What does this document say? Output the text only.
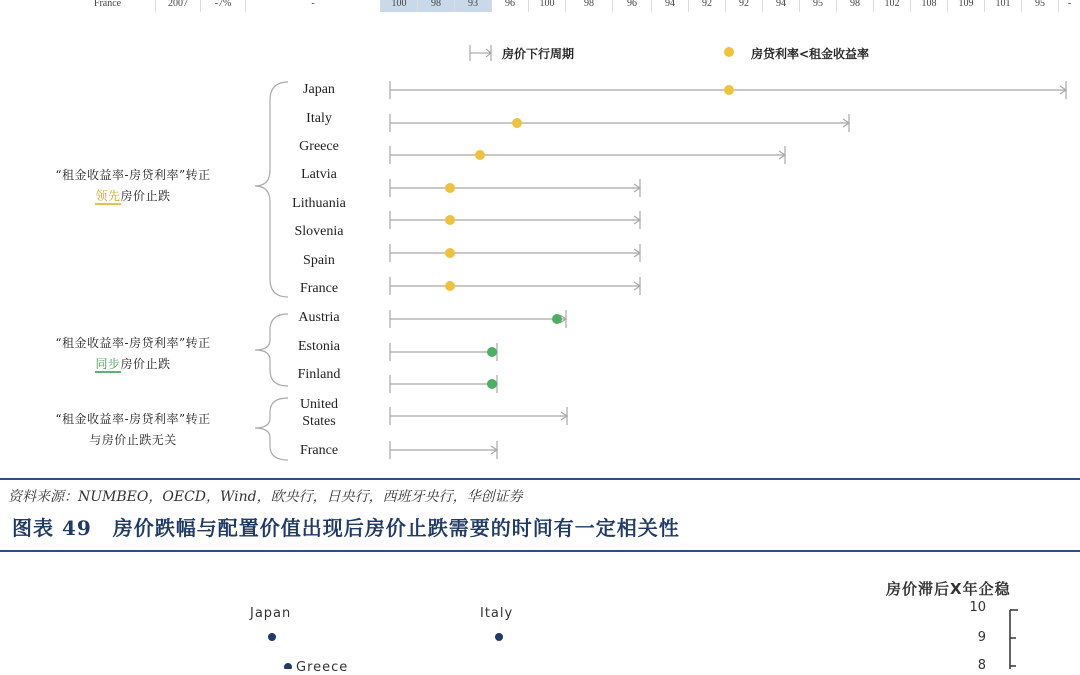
France	2007	-7%	-	100	98	93	96	100	98	96	94	92	92	94	95	98	102	108	109	101	95	-
房价下行周期	房贷利率<租金收益率
Japan
Italy
Greece
Latvia
Lithuania
Slovenia
Spain
France
Austria
Estonia
Finland
United States
France
“租金收益率-房贷利率”转正
领先房价止跌
“租金收益率-房贷利率”转正
同步房价止跌
“租金收益率-房贷利率”转正
与房价止跌无关
资料来源：NUMBEO，OECD，Wind，欧央行，日央行，西班牙央行，华创证券
图表 49　房价跌幅与配置价值出现后房价止跌需要的时间有一定相关性
房价滞后X年企稳
10
9
8
Japan	Italy
Greece
